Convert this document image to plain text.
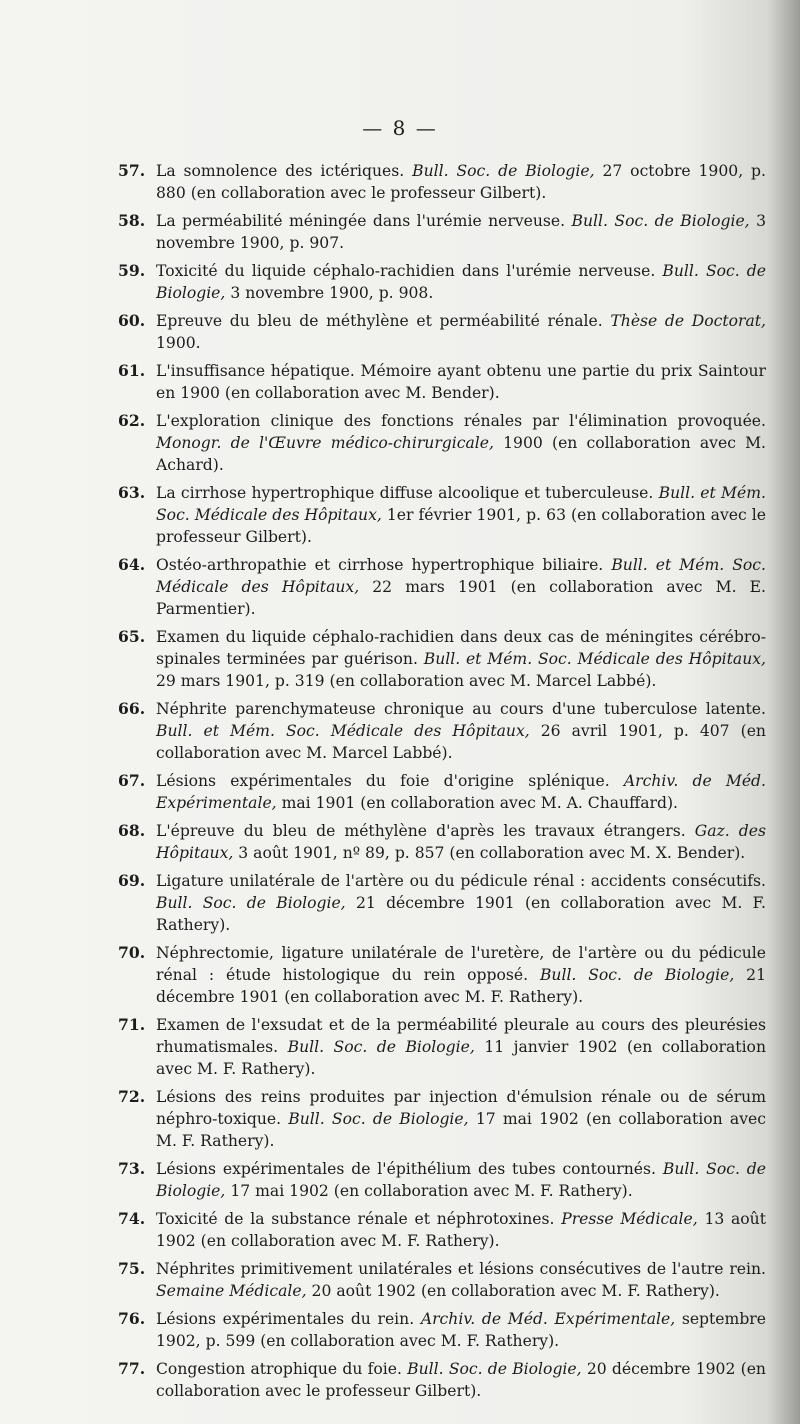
— 8 —
57. La somnolence des ictériques. Bull. Soc. de Biologie, 27 octobre 1900, p. 880 (en collaboration avec le professeur Gilbert).
58. La perméabilité méningée dans l'urémie nerveuse. Bull. Soc. de Biologie, 3 novembre 1900, p. 907.
59. Toxicité du liquide céphalo-rachidien dans l'urémie nerveuse. Bull. Soc. de Biologie, 3 novembre 1900, p. 908.
60. Epreuve du bleu de méthylène et perméabilité rénale. Thèse de Doctorat, 1900.
61. L'insuffisance hépatique. Mémoire ayant obtenu une partie du prix Saintour en 1900 (en collaboration avec M. Bender).
62. L'exploration clinique des fonctions rénales par l'élimination provoquée. Monogr. de l'Œuvre médico-chirurgicale, 1900 (en collaboration avec M. Achard).
63. La cirrhose hypertrophique diffuse alcoolique et tuberculeuse. Bull. et Mém. Soc. Médicale des Hôpitaux, 1er février 1901, p. 63 (en collaboration avec le professeur Gilbert).
64. Ostéo-arthropathie et cirrhose hypertrophique biliaire. Bull. et Mém. Soc. Médicale des Hôpitaux, 22 mars 1901 (en collaboration avec M. E. Parmentier).
65. Examen du liquide céphalo-rachidien dans deux cas de méningites cérébro-spinales terminées par guérison. Bull. et Mém. Soc. Médicale des Hôpitaux, 29 mars 1901, p. 319 (en collaboration avec M. Marcel Labbé).
66. Néphrite parenchymateuse chronique au cours d'une tuberculose latente. Bull. et Mém. Soc. Médicale des Hôpitaux, 26 avril 1901, p. 407 (en collaboration avec M. Marcel Labbé).
67. Lésions expérimentales du foie d'origine splénique. Archiv. de Méd. Expérimentale, mai 1901 (en collaboration avec M. A. Chauffard).
68. L'épreuve du bleu de méthylène d'après les travaux étrangers. Gaz. des Hôpitaux, 3 août 1901, nº 89, p. 857 (en collaboration avec M. X. Bender).
69. Ligature unilatérale de l'artère ou du pédicule rénal : accidents consécutifs. Bull. Soc. de Biologie, 21 décembre 1901 (en collaboration avec M. F. Rathery).
70. Néphrectomie, ligature unilatérale de l'uretère, de l'artère ou du pédicule rénal : étude histologique du rein opposé. Bull. Soc. de Biologie, 21 décembre 1901 (en collaboration avec M. F. Rathery).
71. Examen de l'exsudat et de la perméabilité pleurale au cours des pleurésies rhumatismales. Bull. Soc. de Biologie, 11 janvier 1902 (en collaboration avec M. F. Rathery).
72. Lésions des reins produites par injection d'émulsion rénale ou de sérum néphro-toxique. Bull. Soc. de Biologie, 17 mai 1902 (en collaboration avec M. F. Rathery).
73. Lésions expérimentales de l'épithélium des tubes contournés. Bull. Soc. de Biologie, 17 mai 1902 (en collaboration avec M. F. Rathery).
74. Toxicité de la substance rénale et néphrotoxines. Presse Médicale, 13 août 1902 (en collaboration avec M. F. Rathery).
75. Néphrites primitivement unilatérales et lésions consécutives de l'autre rein. Semaine Médicale, 20 août 1902 (en collaboration avec M. F. Rathery).
76. Lésions expérimentales du rein. Archiv. de Méd. Expérimentale, septembre 1902, p. 599 (en collaboration avec M. F. Rathery).
77. Congestion atrophique du foie. Bull. Soc. de Biologie, 20 décembre 1902 (en collaboration avec le professeur Gilbert).
